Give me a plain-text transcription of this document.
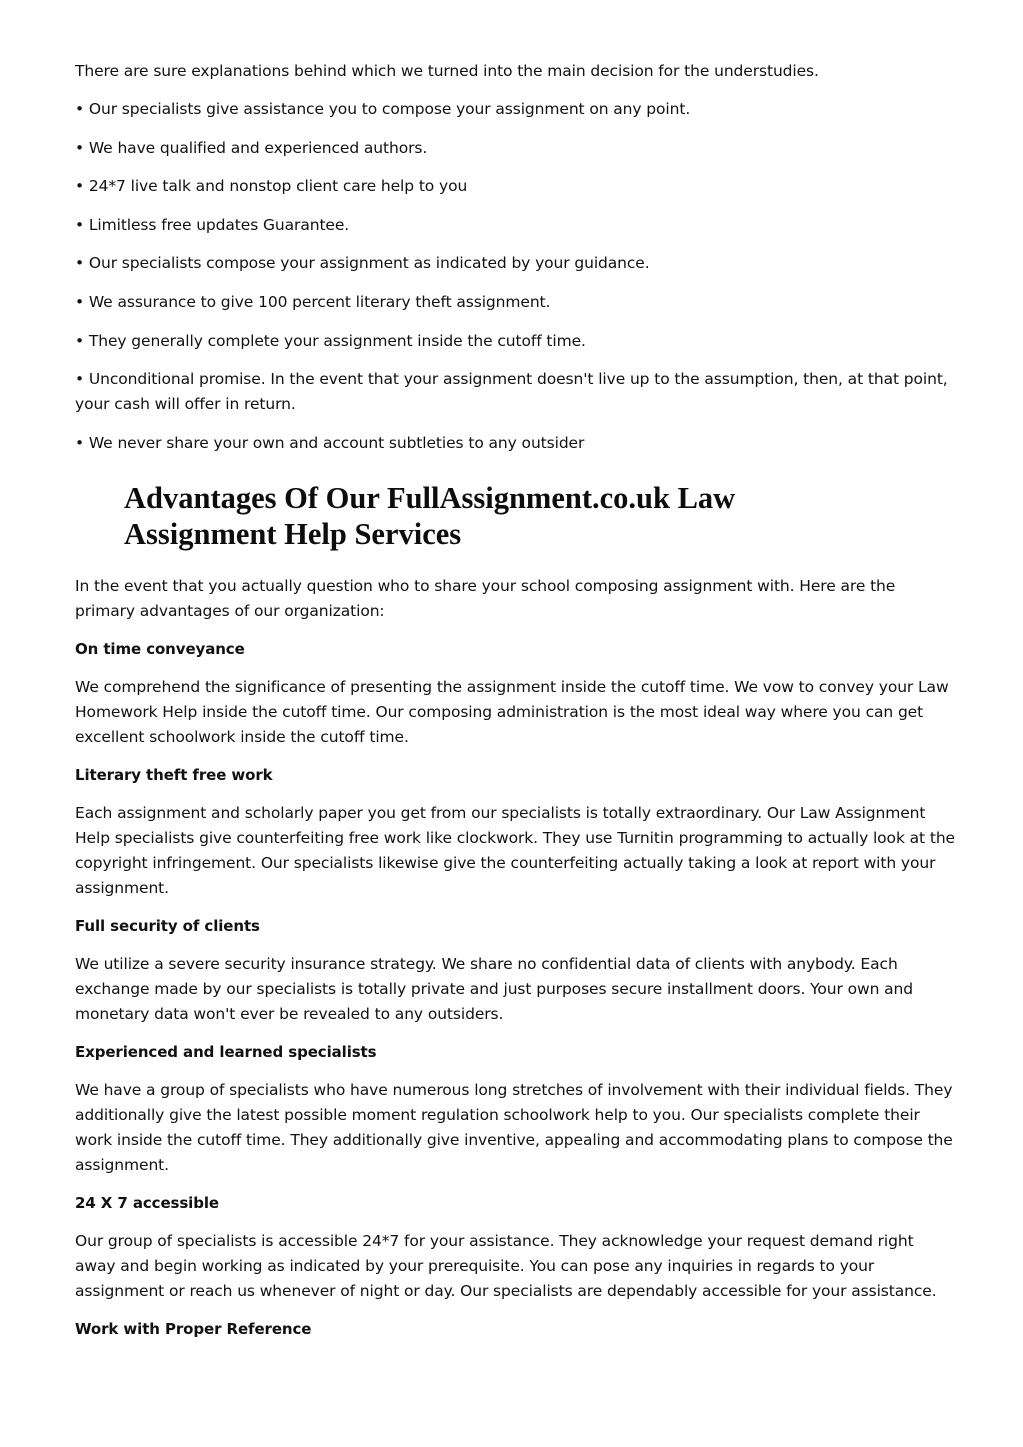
There are sure explanations behind which we turned into the main decision for the understudies.

• Our specialists give assistance you to compose your assignment on any point.

• We have qualified and experienced authors.

• 24*7 live talk and nonstop client care help to you

• Limitless free updates Guarantee.

• Our specialists compose your assignment as indicated by your guidance.

• We assurance to give 100 percent literary theft assignment.

• They generally complete your assignment inside the cutoff time.

• Unconditional promise. In the event that your assignment doesn't live up to the assumption, then, at that point, your cash will offer in return.

• We never share your own and account subtleties to any outsider

Advantages Of Our FullAssignment.co.uk Law
Assignment Help Services

In the event that you actually question who to share your school composing assignment with. Here are the primary advantages of our organization:

On time conveyance

We comprehend the significance of presenting the assignment inside the cutoff time. We vow to convey your Law Homework Help inside the cutoff time. Our composing administration is the most ideal way where you can get excellent schoolwork inside the cutoff time.

Literary theft free work

Each assignment and scholarly paper you get from our specialists is totally extraordinary. Our Law Assignment Help specialists give counterfeiting free work like clockwork. They use Turnitin programming to actually look at the copyright infringement. Our specialists likewise give the counterfeiting actually taking a look at report with your assignment.

Full security of clients

We utilize a severe security insurance strategy. We share no confidential data of clients with anybody. Each exchange made by our specialists is totally private and just purposes secure installment doors. Your own and monetary data won't ever be revealed to any outsiders.

Experienced and learned specialists

We have a group of specialists who have numerous long stretches of involvement with their individual fields. They additionally give the latest possible moment regulation schoolwork help to you. Our specialists complete their work inside the cutoff time. They additionally give inventive, appealing and accommodating plans to compose the assignment.

24 X 7 accessible

Our group of specialists is accessible 24*7 for your assistance. They acknowledge your request demand right away and begin working as indicated by your prerequisite. You can pose any inquiries in regards to your assignment or reach us whenever of night or day. Our specialists are dependably accessible for your assistance.

Work with Proper Reference
